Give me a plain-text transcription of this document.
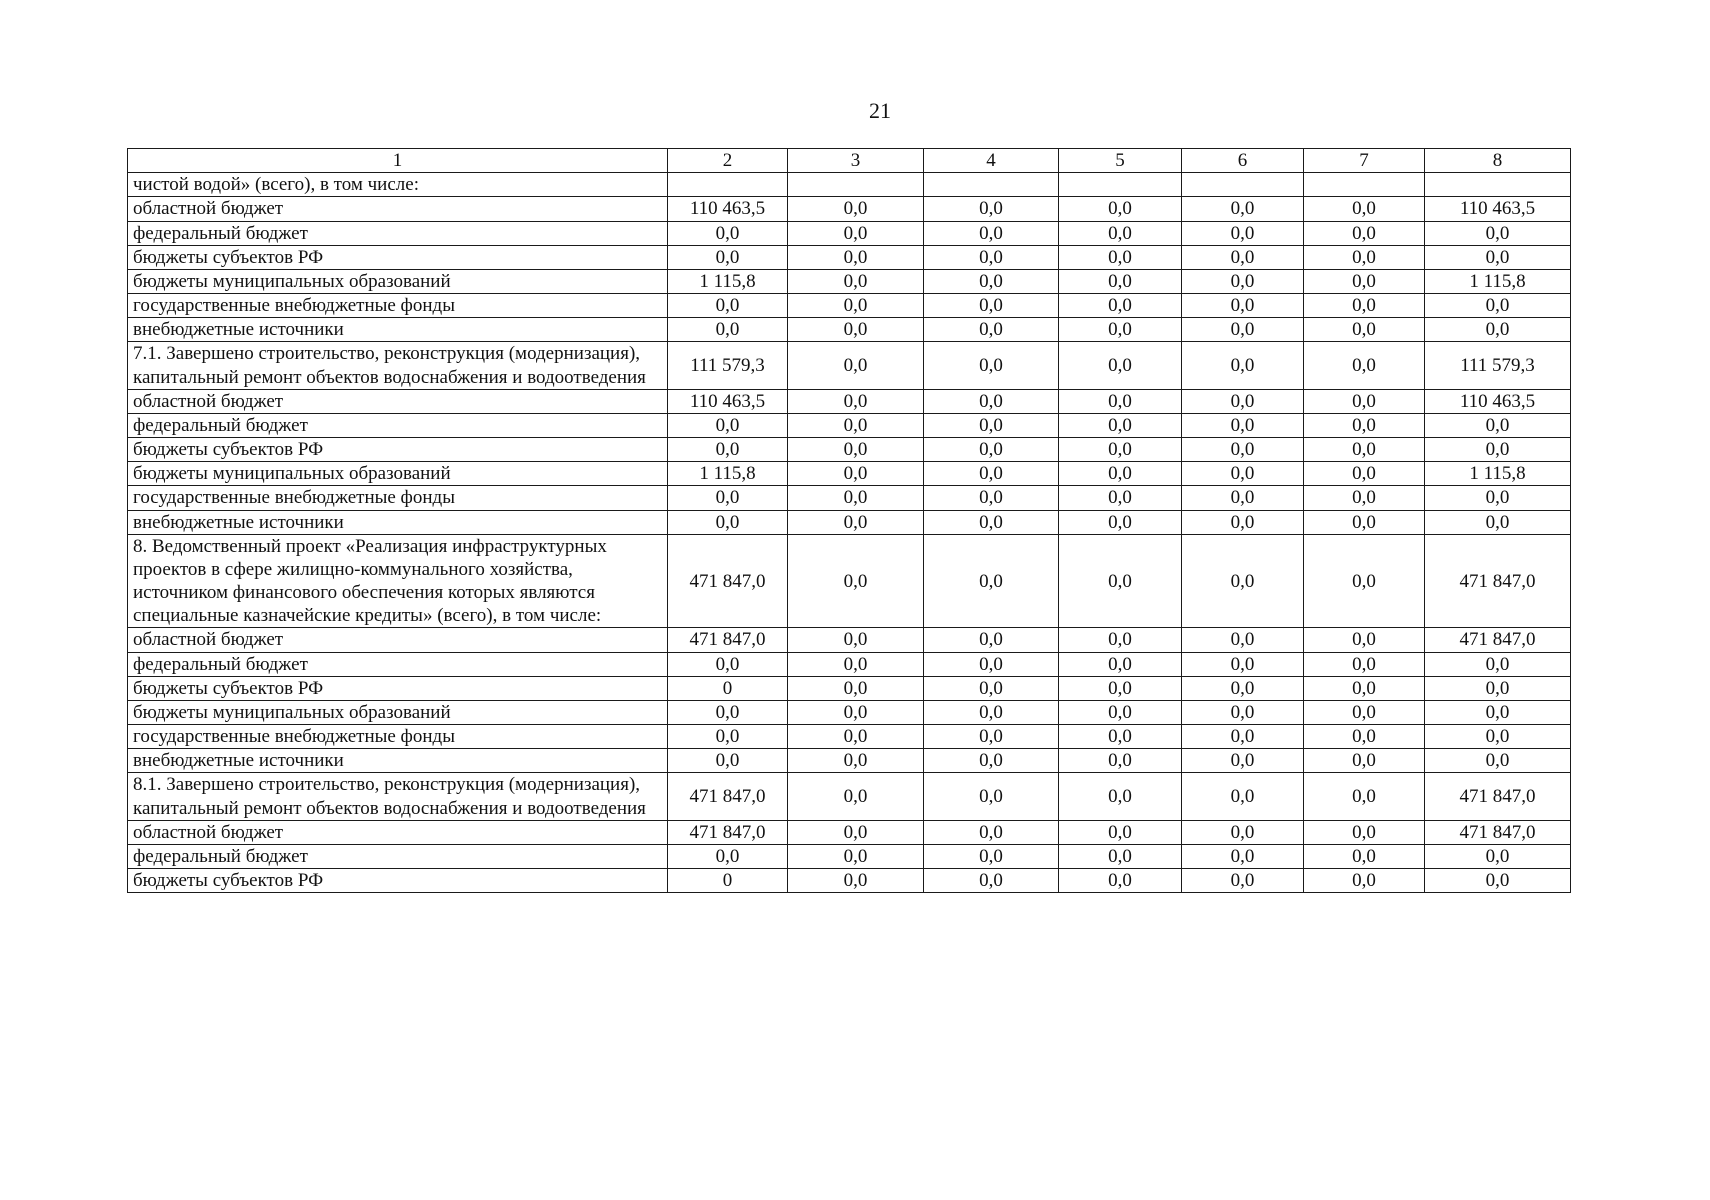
21
1	2	3	4	5	6	7	8
чистой водой» (всего), в том числе:							
областной бюджет	110 463,5	0,0	0,0	0,0	0,0	0,0	110 463,5
федеральный бюджет	0,0	0,0	0,0	0,0	0,0	0,0	0,0
бюджеты субъектов РФ	0,0	0,0	0,0	0,0	0,0	0,0	0,0
бюджеты муниципальных образований	1 115,8	0,0	0,0	0,0	0,0	0,0	1 115,8
государственные внебюджетные фонды	0,0	0,0	0,0	0,0	0,0	0,0	0,0
внебюджетные источники	0,0	0,0	0,0	0,0	0,0	0,0	0,0
7.1. Завершено строительство, реконструкция (модернизация), капитальный ремонт объектов водоснабжения и водоотведения	111 579,3	0,0	0,0	0,0	0,0	0,0	111 579,3
областной бюджет	110 463,5	0,0	0,0	0,0	0,0	0,0	110 463,5
федеральный бюджет	0,0	0,0	0,0	0,0	0,0	0,0	0,0
бюджеты субъектов РФ	0,0	0,0	0,0	0,0	0,0	0,0	0,0
бюджеты муниципальных образований	1 115,8	0,0	0,0	0,0	0,0	0,0	1 115,8
государственные внебюджетные фонды	0,0	0,0	0,0	0,0	0,0	0,0	0,0
внебюджетные источники	0,0	0,0	0,0	0,0	0,0	0,0	0,0
8. Ведомственный проект «Реализация инфраструктурных проектов в сфере жилищно-коммунального хозяйства, источником финансового обеспечения которых являются специальные казначейские кредиты» (всего), в том числе:	471 847,0	0,0	0,0	0,0	0,0	0,0	471 847,0
областной бюджет	471 847,0	0,0	0,0	0,0	0,0	0,0	471 847,0
федеральный бюджет	0,0	0,0	0,0	0,0	0,0	0,0	0,0
бюджеты субъектов РФ	0	0,0	0,0	0,0	0,0	0,0	0,0
бюджеты муниципальных образований	0,0	0,0	0,0	0,0	0,0	0,0	0,0
государственные внебюджетные фонды	0,0	0,0	0,0	0,0	0,0	0,0	0,0
внебюджетные источники	0,0	0,0	0,0	0,0	0,0	0,0	0,0
8.1. Завершено строительство, реконструкция (модернизация), капитальный ремонт объектов водоснабжения и водоотведения	471 847,0	0,0	0,0	0,0	0,0	0,0	471 847,0
областной бюджет	471 847,0	0,0	0,0	0,0	0,0	0,0	471 847,0
федеральный бюджет	0,0	0,0	0,0	0,0	0,0	0,0	0,0
бюджеты субъектов РФ	0	0,0	0,0	0,0	0,0	0,0	0,0
